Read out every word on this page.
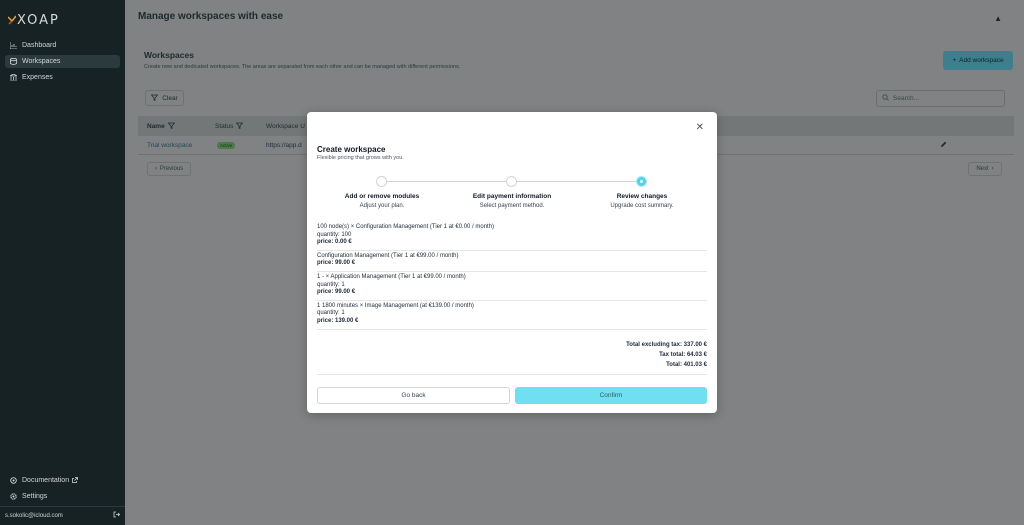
XOAP
Dashboard
Workspaces
Expenses
Documentation
Settings
s.sokolic@icloud.com
Manage workspaces with ease	▲
Workspaces
Create new and dedicated workspaces. The areas are separated from each other and can be managed with different permissions.
+ Add workspace
Clear	Search...
Name	Status	Workspace U
Trial workspace	Active	https://app.d
‹ Previous	Next ›
✕
Create workspace
Flexible pricing that grows with you.
Add or remove modules
Adjust your plan.
Edit payment information
Select payment method.
Review changes
Upgrade cost summary.
100 node(s) × Configuration Management (Tier 1 at €0.00 / month)
quantity: 100
price: 0.00 €
Configuration Management (Tier 1 at €99.00 / month)
price: 99.00 €
1 - × Application Management (Tier 1 at €99.00 / month)
quantity: 1
price: 99.00 €
1 1800 minutes × Image Management (at €139.00 / month)
quantity: 1
price: 139.00 €
Total excluding tax: 337.00 €
Tax total: 64.03 €
Total: 401.03 €
Go back	Confirm
